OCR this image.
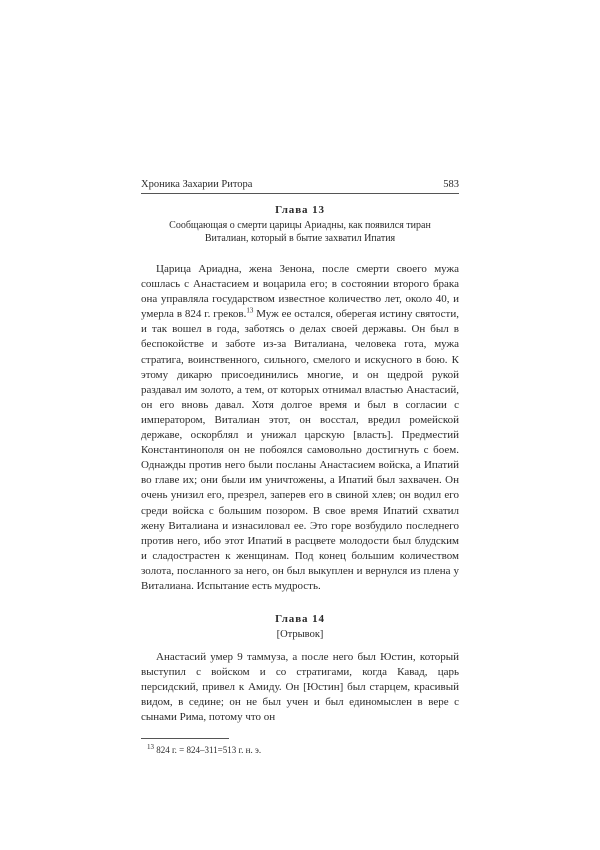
Хроника Захарии Ритора	583
Глава 13
Сообщающая о смерти царицы Ариадны, как появился тиран Виталиан, который в бытие захватил Ипатия

Царица Ариадна, жена Зенона, после смерти своего мужа сошлась с Анастасием и воцарила его; в состоянии второго брака она управляла государством известное количество лет, около 40, и умерла в 824 г. греков.$^{13}$ Муж ее остался, оберегая истину святости, и так вошел в года, заботясь о делах своей державы. Он был в беспокойстве и заботе из-за Виталиана, человека гота, мужа стратига, воинственного, сильного, смелого и искусного в бою. К этому дикарю присоединились многие, и он щедрой рукой раздавал им золото, а тем, от которых отнимал властью Анастасий, он его вновь давал. Хотя долгое время и был в согласии с императором, Виталиан этот, он восстал, вредил ромейской державе, оскорблял и унижал царскую [власть]. Предместий Константинополя он не побоялся самовольно достигнуть с боем. Однажды против него были посланы Анастасием войска, а Ипатий во главе их; они были им уничтожены, а Ипатий был захвачен. Он очень унизил его, презрел, заперев его в свиной хлев; он водил его среди войска с большим позором. В свое время Ипатий схватил жену Виталиана и изнасиловал ее. Это горе возбудило последнего против него, ибо этот Ипатий в расцвете молодости был блудским и сладострастен к женщинам. Под конец большим количеством золота, посланного за него, он был выкуплен и вернулся из плена у Виталиана. Испытание есть мудрость.

Глава 14
[Отрывок]

Анастасий умер 9 таммуза, а после него был Юстин, который выступил с войском и со стратигами, когда Кавад, царь персидский, привел к Амиду. Он [Юстин] был старцем, красивый видом, в сединe; он не был учен и был единомыслен в вере с сынами Рима, потому что он

$^{13}$ 824 г. = 824–311=513 г. н. э.
